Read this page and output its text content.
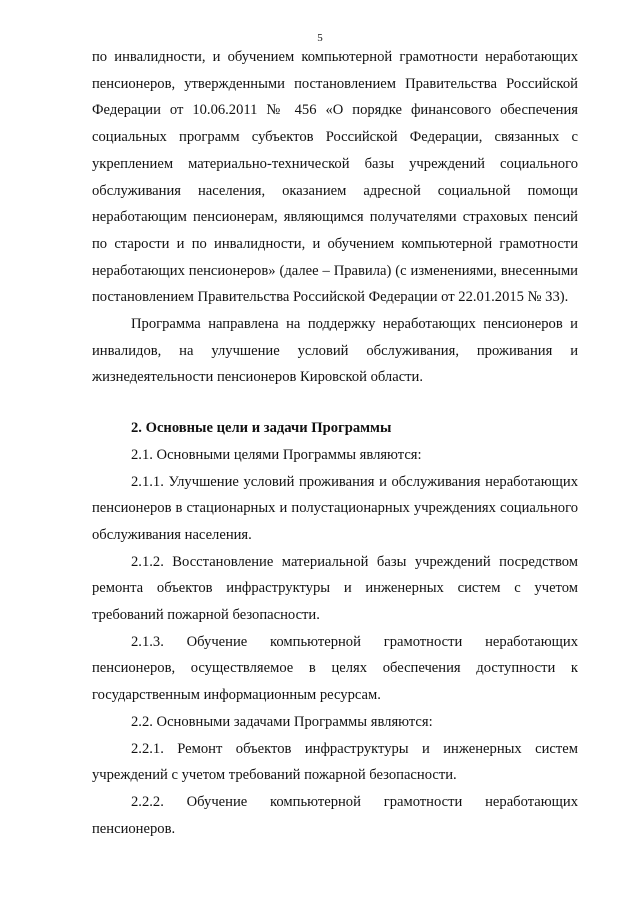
5

по инвалидности, и обучением компьютерной грамотности неработающих пенсионеров, утвержденными постановлением Правительства Российской Федерации от 10.06.2011 № 456 «О порядке финансового обеспечения социальных программ субъектов Российской Федерации, связанных с укреплением материально-технической базы учреждений социального обслуживания населения, оказанием адресной социальной помощи неработающим пенсионерам, являющимся получателями страховых пенсий по старости и по инвалидности, и обучением компьютерной грамотности неработающих пенсионеров» (далее – Правила) (с изменениями, внесенными постановлением Правительства Российской Федерации от 22.01.2015 № 33).

Программа направлена на поддержку неработающих пенсионеров и инвалидов, на улучшение условий обслуживания, проживания и жизнедеятельности пенсионеров Кировской области.

2. Основные цели и задачи Программы

2.1. Основными целями Программы являются:

2.1.1. Улучшение условий проживания и обслуживания неработающих пенсионеров в стационарных и полустационарных учреждениях социального обслуживания населения.

2.1.2. Восстановление материальной базы учреждений посредством ремонта объектов инфраструктуры и инженерных систем с учетом требований пожарной безопасности.

2.1.3. Обучение компьютерной грамотности неработающих пенсионеров, осуществляемое в целях обеспечения доступности к государственным информационным ресурсам.

2.2. Основными задачами Программы являются:

2.2.1. Ремонт объектов инфраструктуры и инженерных систем учреждений с учетом требований пожарной безопасности.

2.2.2. Обучение компьютерной грамотности неработающих пенсионеров.
